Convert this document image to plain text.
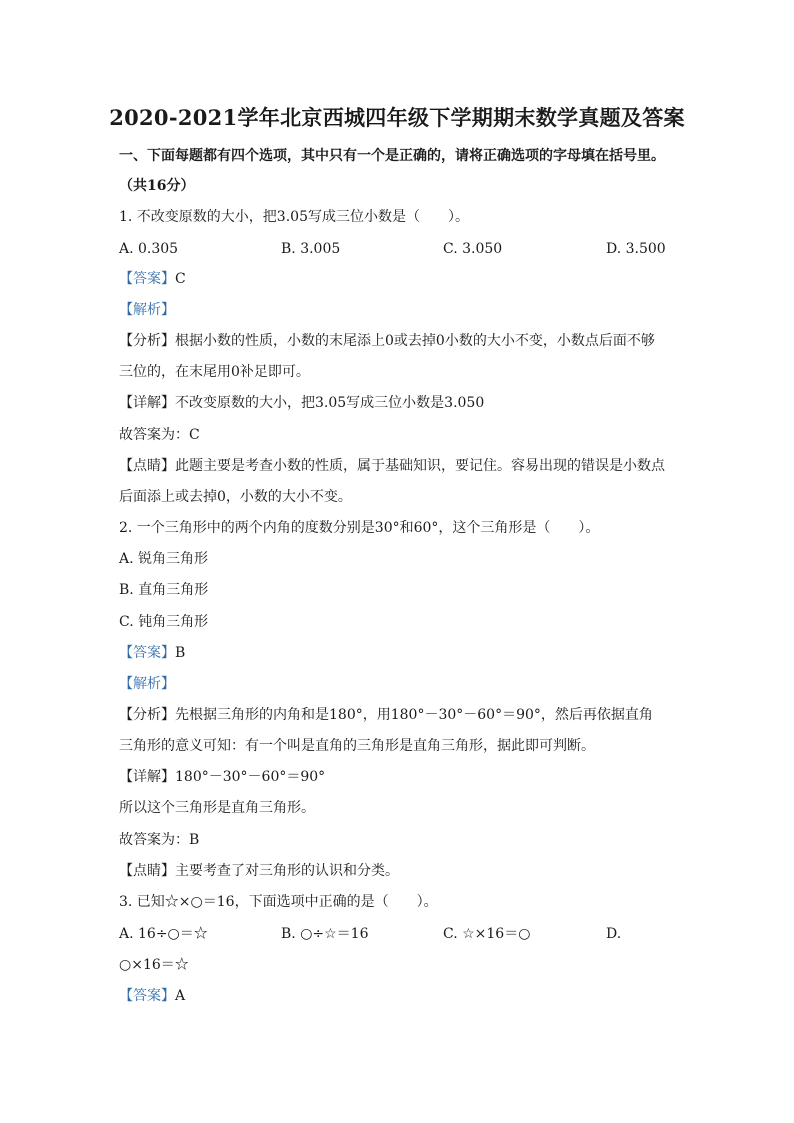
2020-2021学年北京西城四年级下学期期末数学真题及答案
一、下面每题都有四个选项，其中只有一个是正确的，请将正确选项的字母填在括号里。
（共16分）
1. 不改变原数的大小，把3.05写成三位小数是（　　）。
A. 0.305	B. 3.005	C. 3.050	D. 3.500
【答案】C
【解析】
【分析】根据小数的性质，小数的末尾添上0或去掉0小数的大小不变，小数点后面不够
三位的，在末尾用0补足即可。
【详解】不改变原数的大小，把3.05写成三位小数是3.050
故答案为：C
【点睛】此题主要是考查小数的性质，属于基础知识，要记住。容易出现的错误是小数点
后面添上或去掉0，小数的大小不变。
2. 一个三角形中的两个内角的度数分别是30°和60°，这个三角形是（　　）。
A. 锐角三角形
B. 直角三角形
C. 钝角三角形
【答案】B
【解析】
【分析】先根据三角形的内角和是180°，用180°－30°－60°＝90°，然后再依据直角
三角形的意义可知：有一个叫是直角的三角形是直角三角形，据此即可判断。
【详解】180°－30°－60°＝90°
所以这个三角形是直角三角形。
故答案为：B
【点睛】主要考查了对三角形的认识和分类。
3. 已知☆×○＝16，下面选项中正确的是（　　）。
A. 16÷○＝☆	B. ○÷☆＝16	C. ☆×16＝○	D.
○×16＝☆
【答案】A
